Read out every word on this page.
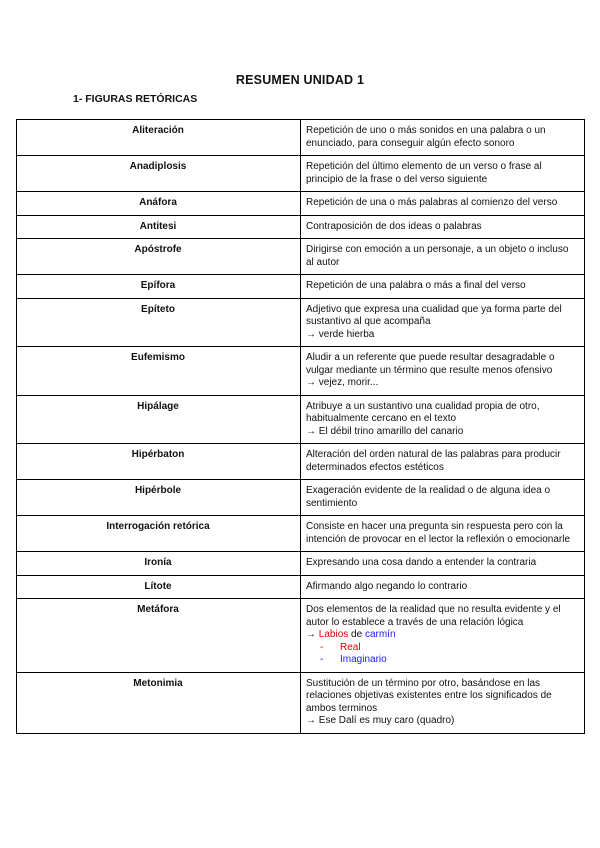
RESUMEN UNIDAD 1
1- FIGURAS RETÓRICAS
Aliteración	Repetición de uno o más sonidos en una palabra o un enunciado, para conseguir algún efecto sonoro

Anadiplosis	Repetición del último elemento de un verso o frase al principio de la frase o del verso siguiente

Anáfora	Repetición de una o más palabras al comienzo del verso

Antitesi	Contraposición de dos ideas o palabras

Apóstrofe	Dirigirse con emoción a un personaje, a un objeto o incluso al autor

Epífora	Repetición de una palabra o más a final del verso

Epíteto	Adjetivo que expresa una cualidad que ya forma parte del sustantivo al que acompaña
→ verde hierba

Eufemismo	Aludir a un referente que puede resultar desagradable o vulgar mediante un término que resulte menos ofensivo
→ vejez, morir...

Hipálage	Atribuye a un sustantivo una cualidad propia de otro, habitualmente cercano en el texto
→ El débil trino amarillo del canario

Hipérbaton	Alteración del orden natural de las palabras para producir determinados efectos estéticos

Hipérbole	Exageración evidente de la realidad o de alguna idea o sentimiento

Interrogación retórica	Consiste en hacer una pregunta sin respuesta pero con la intención de provocar en el lector la reflexión o emocionarle

Ironía	Expresando una cosa dando a entender la contraria

Lítote	Afirmando algo negando lo contrario

Metáfora	Dos elementos de la realidad que no resulta evidente y el autor lo establece a través de una relación lógica
→ Labios de carmín
- Real
- Imaginario

Metonimia	Sustitución de un término por otro, basándose en las relaciones objetivas existentes entre los significados de ambos terminos
→ Ese Dalí es muy caro (quadro)
